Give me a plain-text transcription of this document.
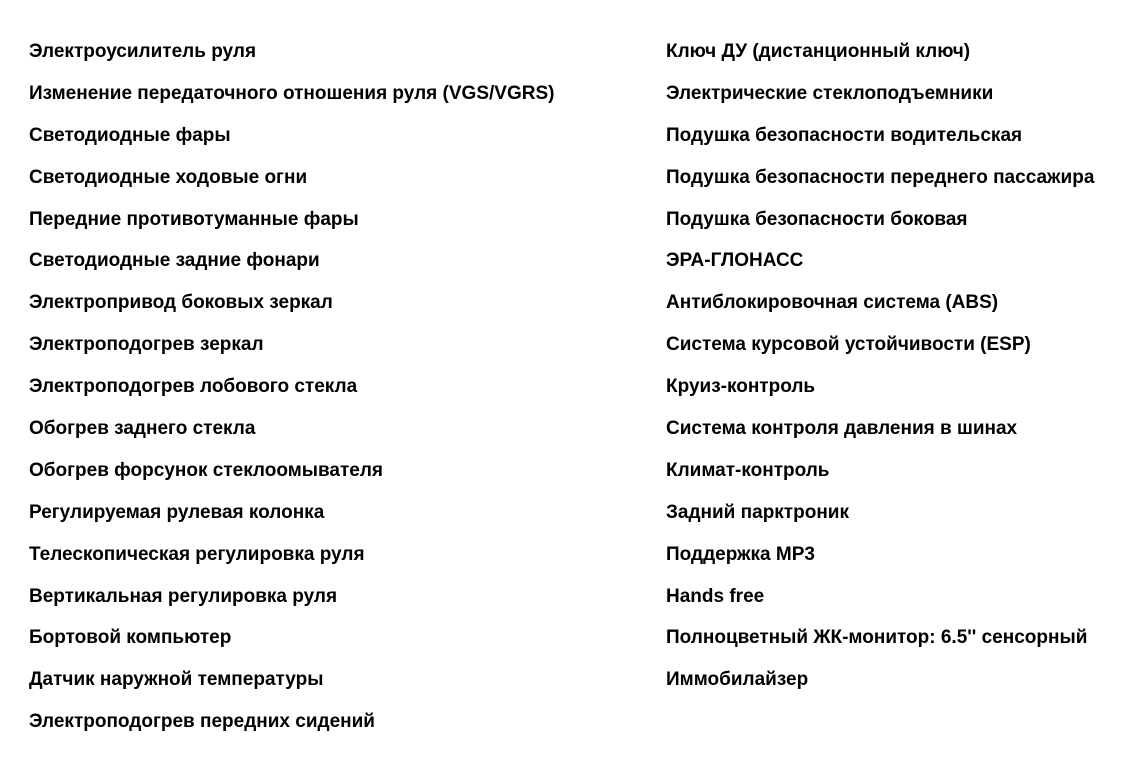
Электроусилитель руля
Изменение передаточного отношения руля (VGS/VGRS)
Светодиодные фары
Светодиодные ходовые огни
Передние противотуманные фары
Светодиодные задние фонари
Электропривод боковых зеркал
Электроподогрев зеркал
Электроподогрев лобового стекла
Обогрев заднего стекла
Обогрев форсунок стеклоомывателя
Регулируемая рулевая колонка
Телескопическая регулировка руля
Вертикальная регулировка руля
Бортовой компьютер
Датчик наружной температуры
Электроподогрев передних сидений
Ключ ДУ (дистанционный ключ)
Электрические стеклоподъемники
Подушка безопасности водительская
Подушка безопасности переднего пассажира
Подушка безопасности боковая
ЭРА-ГЛОНАСС
Антиблокировочная система (ABS)
Система курсовой устойчивости (ESP)
Круиз-контроль
Система контроля давления в шинах
Климат-контроль
Задний парктроник
Поддержка MP3
Hands free
Полноцветный ЖК-монитор: 6.5'' сенсорный
Иммобилайзер
